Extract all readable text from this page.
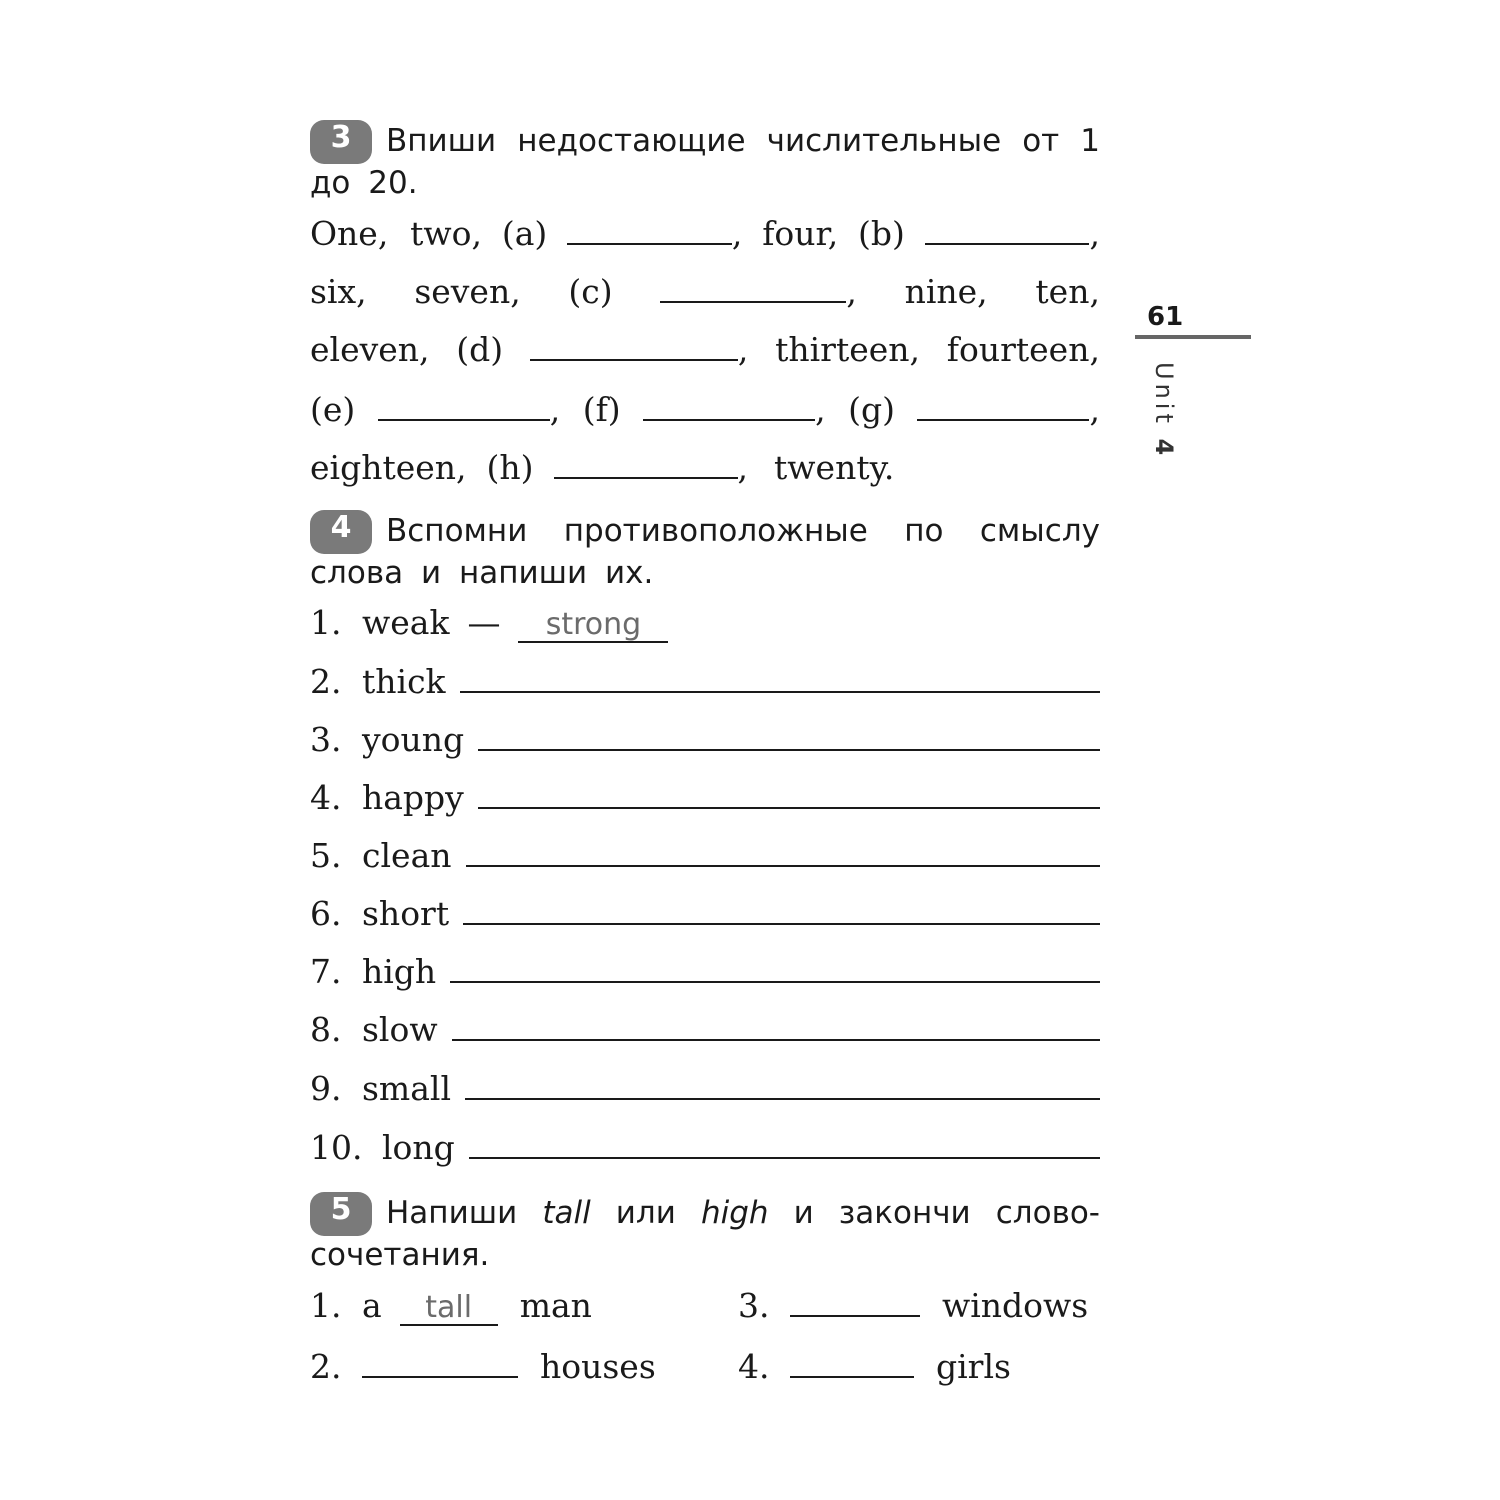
61
Unit 4
3 Впиши недостающие числительные от 1 до 20.
One, two, (a)	, four, (b)	,
six, seven, (c)	, nine, ten,
eleven, (d)	, thirteen, fourteen,
(e)	, (f)	, (g)	,
eighteen, (h)	, twenty.
4 Вспомни противоположные по смыслу слова и напиши их.
1. weak —	strong
2. thick
3. young
4. happy
5. clean
6. short
7. high
8. slow
9. small
10. long
5 Напиши tall или high и закончи слово-сочетания.
1. a	tall	man	3.	windows
2.	houses 4.	girls
